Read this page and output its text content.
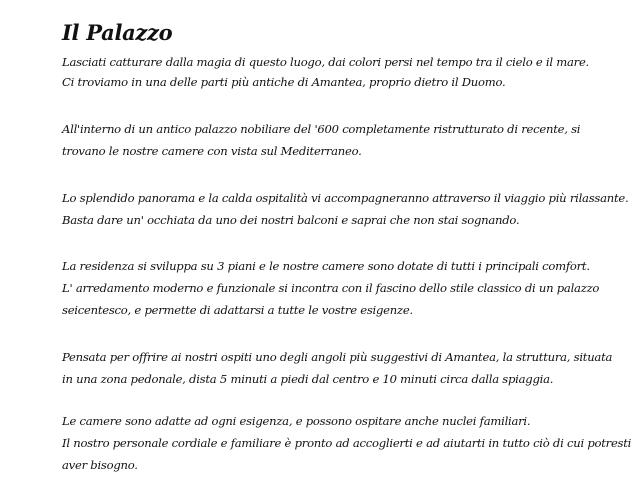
Il Palazzo

Lasciati catturare dalla magia di questo luogo, dai colori persi nel tempo tra il cielo e il mare.

Ci troviamo in una delle parti più antiche di Amantea, proprio dietro il Duomo.

All'interno di un antico palazzo nobiliare del '600 completamente ristrutturato di recente, si

trovano le nostre camere con vista sul Mediterraneo.

Lo splendido panorama e la calda ospitalità vi accompagneranno attraverso il viaggio più rilassante.

Basta dare un' occhiata da uno dei nostri balconi e saprai che non stai sognando.

La residenza si sviluppa su 3 piani e le nostre camere sono dotate di tutti i principali comfort.

L' arredamento moderno e funzionale si incontra con il fascino dello stile classico di un palazzo

seicentesco, e permette di adattarsi a tutte le vostre esigenze.

Pensata per offrire ai nostri ospiti uno degli angoli più suggestivi di Amantea, la struttura, situata

in una zona pedonale, dista 5 minuti a piedi dal centro e 10 minuti circa dalla spiaggia.

Le camere sono adatte ad ogni esigenza, e possono ospitare anche nuclei familiari.

Il nostro personale cordiale e familiare è pronto ad accoglierti e ad aiutarti in tutto ciò di cui potresti

aver bisogno.
